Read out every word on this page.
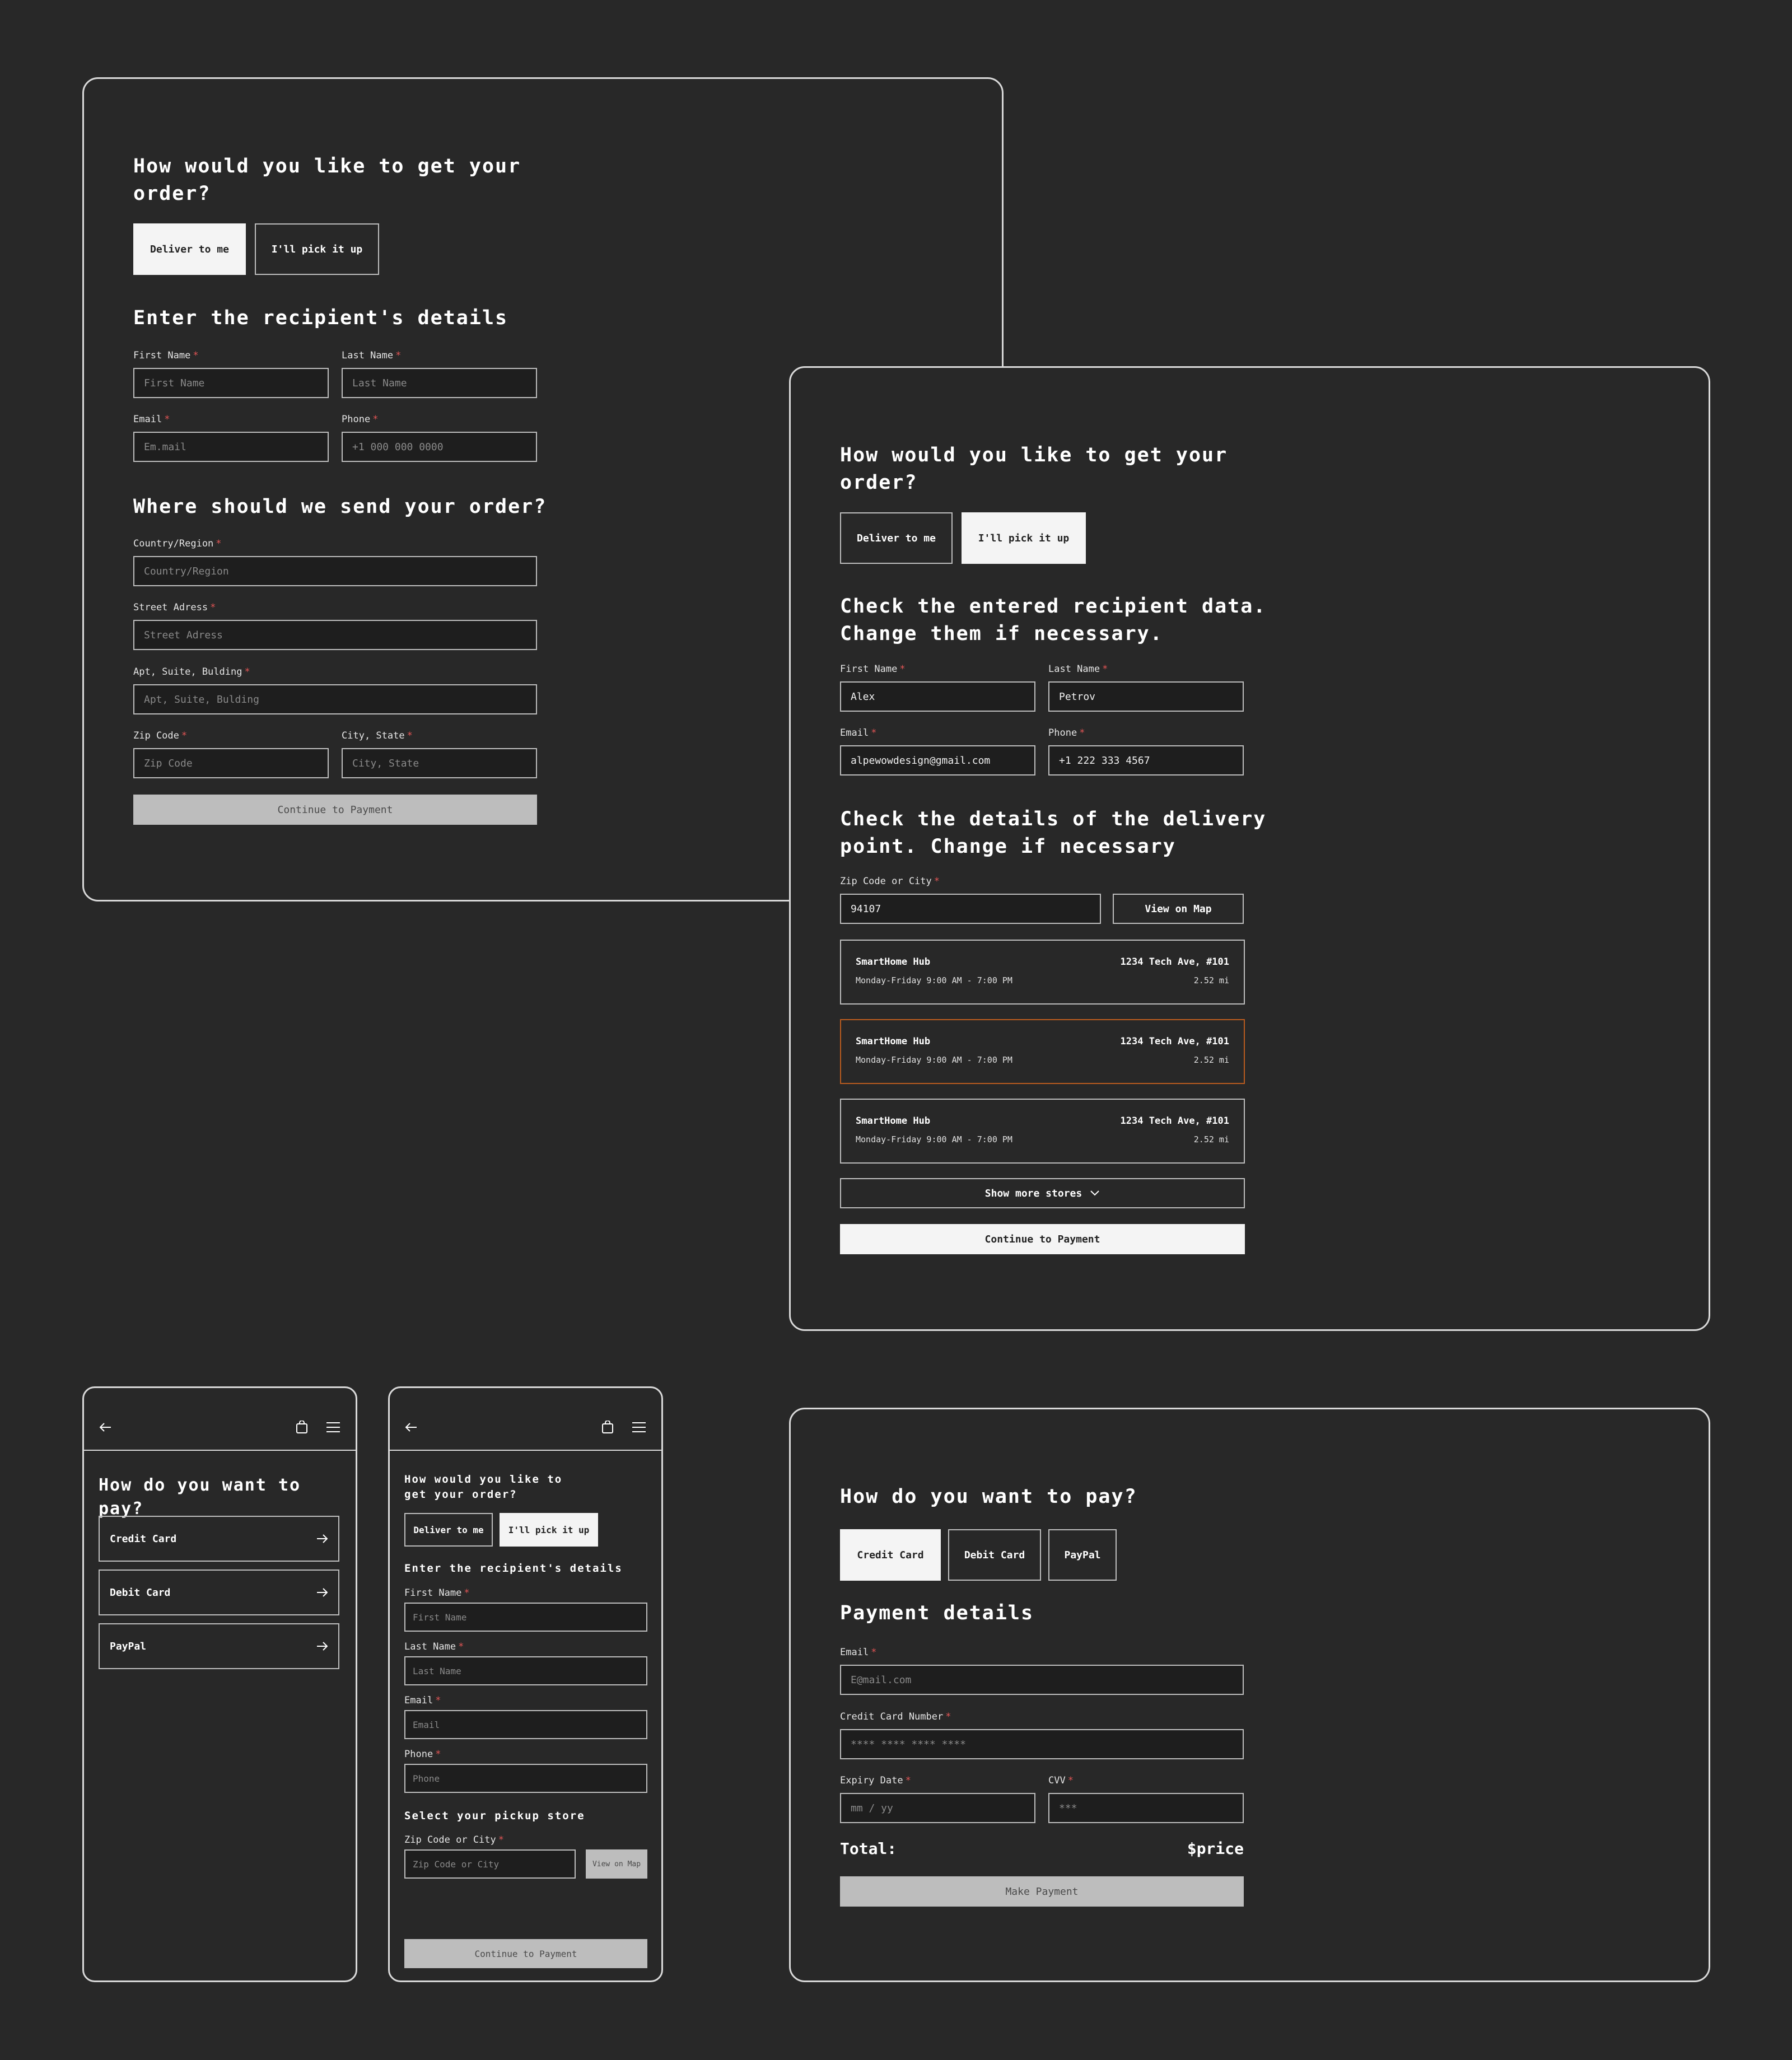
How would you like to get your order?
Deliver to me	I'll pick it up
Enter the recipient's details
First Name *
First Name
Last Name *
Last Name
Email *
Em.mail
Phone *
+1 000 000 0000
Where should we send your order?
Country/Region *
Country/Region
Street Adress *
Street Adress
Apt, Suite, Bulding *
Apt, Suite, Bulding
Zip Code *
Zip Code
City, State *
City, State
Continue to Payment
How would you like to get your order?
Deliver to me	I'll pick it up
Check the entered recipient data. Change them if necessary.
First Name *
Alex
Last Name *
Petrov
Email *
alpewowdesign@gmail.com
Phone *
+1 222 333 4567
Check the details of the delivery point. Change if necessary
Zip Code or City *
94107	View on Map
SmartHome Hub	1234 Tech Ave, #101
Monday-Friday 9:00 AM - 7:00 PM	2.52 mi
SmartHome Hub	1234 Tech Ave, #101
Monday-Friday 9:00 AM - 7:00 PM	2.52 mi
SmartHome Hub	1234 Tech Ave, #101
Monday-Friday 9:00 AM - 7:00 PM	2.52 mi
Show more stores
Continue to Payment
How do you want to pay?
Credit Card
Debit Card
PayPal
How would you like to get your order?
Deliver to me	I'll pick it up
Enter the recipient's details
First Name *
First Name
Last Name *
Last Name
Email *
Email
Phone *
Phone
Select your pickup store
Zip Code or City *
Zip Code or City	View on Map
Continue to Payment
How do you want to pay?
Credit Card	Debit Card	PayPal
Payment details
Email *
E@mail.com
Credit Card Number *
**** **** **** ****
Expiry Date *
mm / yy
CVV *
***
Total:	$price
Make Payment
